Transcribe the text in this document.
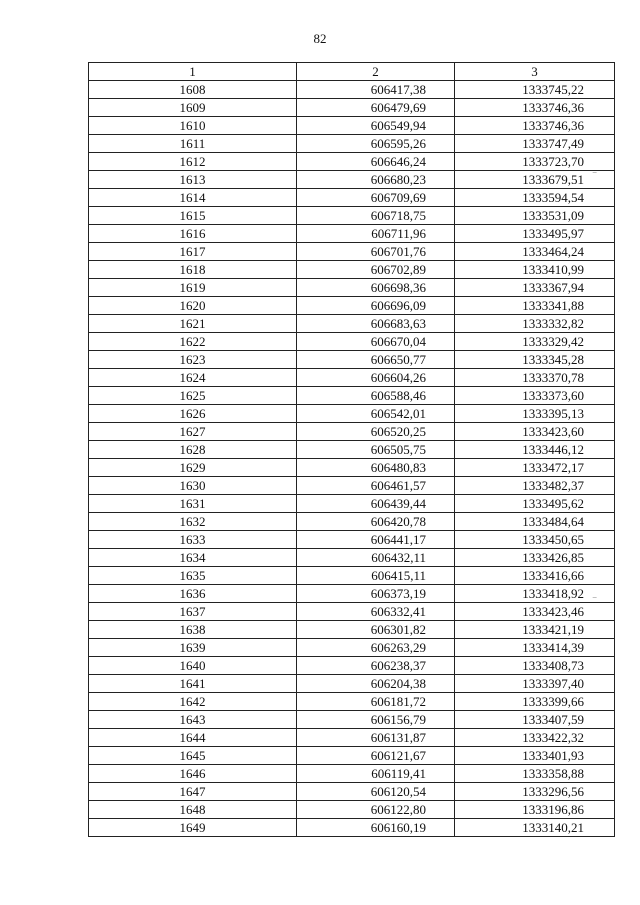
82
1	2	3
1608	606417,38	1333745,22
1609	606479,69	1333746,36
1610	606549,94	1333746,36
1611	606595,26	1333747,49
1612	606646,24	1333723,70
1613	606680,23	1333679,51
1614	606709,69	1333594,54
1615	606718,75	1333531,09
1616	606711,96	1333495,97
1617	606701,76	1333464,24
1618	606702,89	1333410,99
1619	606698,36	1333367,94
1620	606696,09	1333341,88
1621	606683,63	1333332,82
1622	606670,04	1333329,42
1623	606650,77	1333345,28
1624	606604,26	1333370,78
1625	606588,46	1333373,60
1626	606542,01	1333395,13
1627	606520,25	1333423,60
1628	606505,75	1333446,12
1629	606480,83	1333472,17
1630	606461,57	1333482,37
1631	606439,44	1333495,62
1632	606420,78	1333484,64
1633	606441,17	1333450,65
1634	606432,11	1333426,85
1635	606415,11	1333416,66
1636	606373,19	1333418,92
1637	606332,41	1333423,46
1638	606301,82	1333421,19
1639	606263,29	1333414,39
1640	606238,37	1333408,73
1641	606204,38	1333397,40
1642	606181,72	1333399,66
1643	606156,79	1333407,59
1644	606131,87	1333422,32
1645	606121,67	1333401,93
1646	606119,41	1333358,88
1647	606120,54	1333296,56
1648	606122,80	1333196,86
1649	606160,19	1333140,21
⁻
⁻
